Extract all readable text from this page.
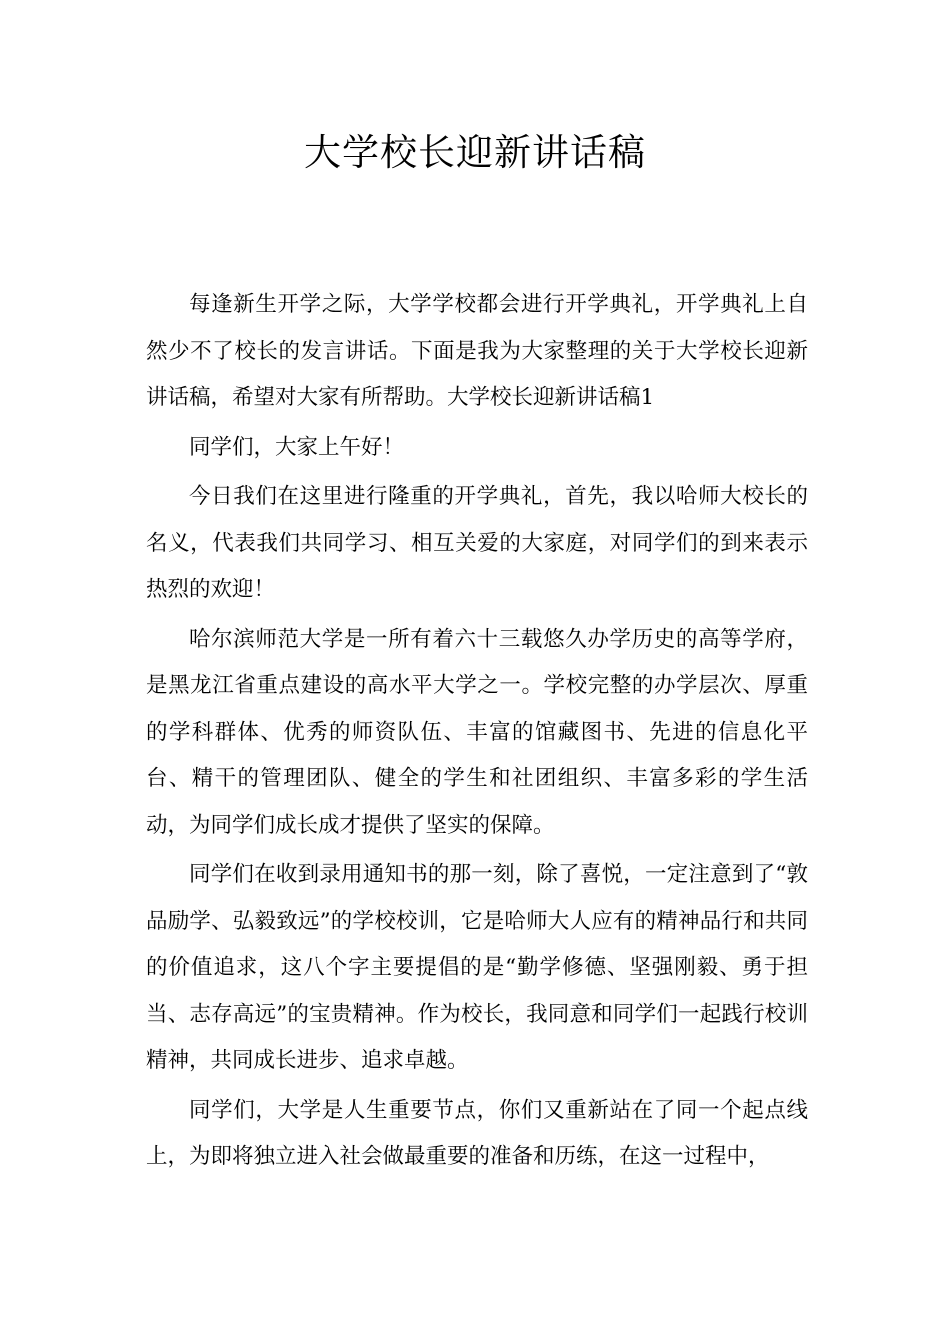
大学校长迎新讲话稿

每逢新生开学之际，大学学校都会进行开学典礼，开学典礼上自然少不了校长的发言讲话。下面是我为大家整理的关于大学校长迎新讲话稿，希望对大家有所帮助。大学校长迎新讲话稿1

同学们，大家上午好！

今日我们在这里进行隆重的开学典礼，首先，我以哈师大校长的名义，代表我们共同学习、相互关爱的大家庭，对同学们的到来表示热烈的欢迎！

哈尔滨师范大学是一所有着六十三载悠久办学历史的高等学府，是黑龙江省重点建设的高水平大学之一。学校完整的办学层次、厚重的学科群体、优秀的师资队伍、丰富的馆藏图书、先进的信息化平台、精干的管理团队、健全的学生和社团组织、丰富多彩的学生活动，为同学们成长成才提供了坚实的保障。

同学们在收到录用通知书的那一刻，除了喜悦，一定注意到了“敦品励学、弘毅致远”的学校校训，它是哈师大人应有的精神品行和共同的价值追求，这八个字主要提倡的是“勤学修德、坚强刚毅、勇于担当、志存高远”的宝贵精神。作为校长，我同意和同学们一起践行校训精神，共同成长进步、追求卓越。

同学们，大学是人生重要节点，你们又重新站在了同一个起点线上，为即将独立进入社会做最重要的准备和历练，在这一过程中，
